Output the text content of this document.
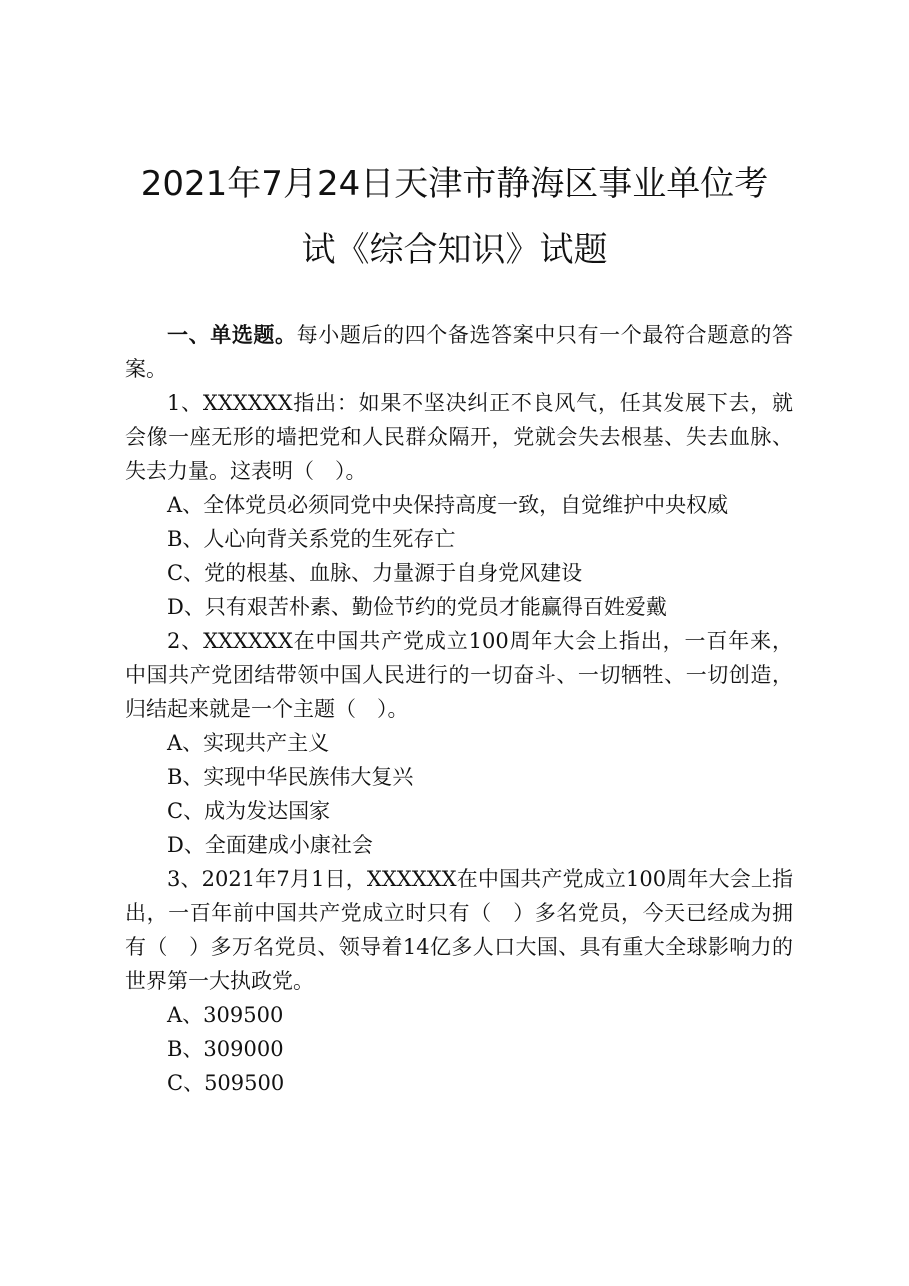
2021年7月24日天津市静海区事业单位考
试《综合知识》试题

一、单选题。每小题后的四个备选答案中只有一个最符合题意的答案。

1、XXXXXX指出：如果不坚决纠正不良风气，任其发展下去，就会像一座无形的墙把党和人民群众隔开，党就会失去根基、失去血脉、失去力量。这表明（　）。

A、全体党员必须同党中央保持高度一致，自觉维护中央权威

B、人心向背关系党的生死存亡

C、党的根基、血脉、力量源于自身党风建设

D、只有艰苦朴素、勤俭节约的党员才能赢得百姓爱戴

2、XXXXXX在中国共产党成立100周年大会上指出，一百年来，中国共产党团结带领中国人民进行的一切奋斗、一切牺牲、一切创造，归结起来就是一个主题（　）。

A、实现共产主义

B、实现中华民族伟大复兴

C、成为发达国家

D、全面建成小康社会

3、2021年7月1日，XXXXXX在中国共产党成立100周年大会上指出，一百年前中国共产党成立时只有（　）多名党员，今天已经成为拥有（　）多万名党员、领导着14亿多人口大国、具有重大全球影响力的世界第一大执政党。

A、309500

B、309000

C、509500
